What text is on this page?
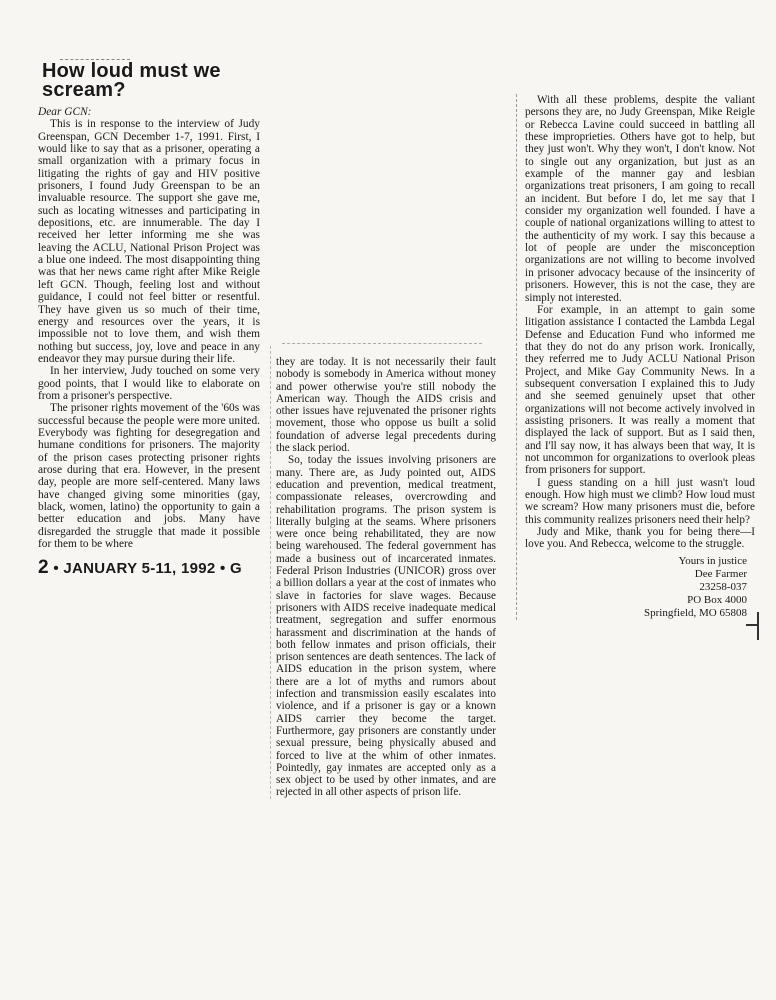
How loud must we scream?

Dear GCN:

This is in response to the interview of Judy Greenspan, GCN December 1-7, 1991. First, I would like to say that as a prisoner, operating a small organization with a primary focus in litigating the rights of gay and HIV positive prisoners, I found Judy Greenspan to be an invaluable resource. The support she gave me, such as locating witnesses and participating in depositions, etc. are innumerable. The day I received her letter informing me she was leaving the ACLU, National Prison Project was a blue one indeed. The most disappointing thing was that her news came right after Mike Reigle left GCN. Though, feeling lost and without guidance, I could not feel bitter or resentful. They have given us so much of their time, energy and resources over the years, it is impossible not to love them, and wish them nothing but success, joy, love and peace in any endeavor they may pursue during their life.

In her interview, Judy touched on some very good points, that I would like to elaborate on from a prisoner's perspective.

The prisoner rights movement of the '60s was successful because the people were more united. Everybody was fighting for desegregation and humane conditions for prisoners. The majority of the prison cases protecting prisoner rights arose during that era. However, in the present day, people are more self-centered. Many laws have changed giving some minorities (gay, black, women, latino) the opportunity to gain a better education and jobs. Many have disregarded the struggle that made it possible for them to be where

2 • JANUARY 5-11, 1992 • G

they are today. It is not necessarily their fault nobody is somebody in America without money and power otherwise you're still nobody the American way. Though the AIDS crisis and other issues have rejuvenated the prisoner rights movement, those who oppose us built a solid foundation of adverse legal precedents during the slack period.

So, today the issues involving prisoners are many. There are, as Judy pointed out, AIDS education and prevention, medical treatment, compassionate releases, overcrowding and rehabilitation programs. The prison system is literally bulging at the seams. Where prisoners were once being rehabilitated, they are now being warehoused. The federal government has made a business out of incarcerated inmates. Federal Prison Industries (UNICOR) gross over a billion dollars a year at the cost of inmates who slave in factories for slave wages. Because prisoners with AIDS receive inadequate medical treatment, segregation and suffer enormous harassment and discrimination at the hands of both fellow inmates and prison officials, their prison sentences are death sentences. The lack of AIDS education in the prison system, where there are a lot of myths and rumors about infection and transmission easily escalates into violence, and if a prisoner is gay or a known AIDS carrier they become the target. Furthermore, gay prisoners are constantly under sexual pressure, being physically abused and forced to live at the whim of other inmates. Pointedly, gay inmates are accepted only as a sex object to be used by other inmates, and are rejected in all other aspects of prison life.

With all these problems, despite the valiant persons they are, no Judy Greenspan, Mike Reigle or Rebecca Lavine could succeed in battling all these improprieties. Others have got to help, but they just won't. Why they won't, I don't know. Not to single out any organization, but just as an example of the manner gay and lesbian organizations treat prisoners, I am going to recall an incident. But before I do, let me say that I consider my organization well founded. I have a couple of national organizations willing to attest to the authenticity of my work. I say this because a lot of people are under the misconception organizations are not willing to become involved in prisoner advocacy because of the insincerity of prisoners. However, this is not the case, they are simply not interested.

For example, in an attempt to gain some litigation assistance I contacted the Lambda Legal Defense and Education Fund who informed me that they do not do any prison work. Ironically, they referred me to Judy ACLU National Prison Project, and Mike Gay Community News. In a subsequent conversation I explained this to Judy and she seemed genuinely upset that other organizations will not become actively involved in assisting prisoners. It was really a moment that displayed the lack of support. But as I said then, and I'll say now, it has always been that way, It is not uncommon for organizations to overlook pleas from prisoners for support.

I guess standing on a hill just wasn't loud enough. How high must we climb? How loud must we scream? How many prisoners must die, before this community realizes prisoners need their help?

Judy and Mike, thank you for being there—I love you. And Rebecca, welcome to the struggle.

Yours in justice
Dee Farmer
23258-037
PO Box 4000
Springfield, MO 65808
